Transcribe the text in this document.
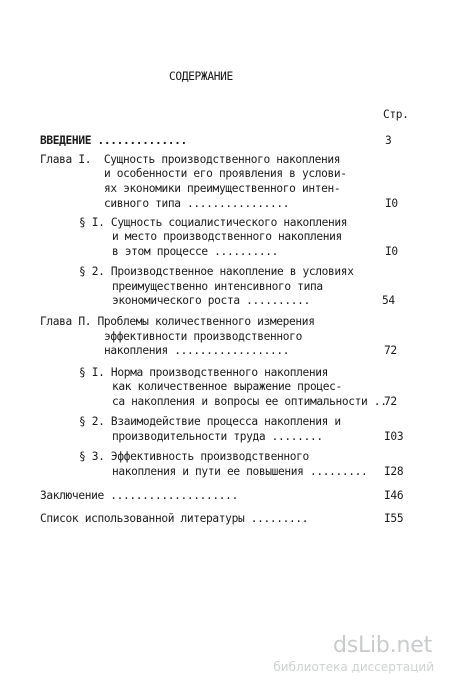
СОДЕРЖАНИЕ
Стр.
ВВЕДЕНИЕ ..............	3
Глава I.  Сущность производственного накопления
и особенности его проявления в услови-
ях экономики преимущественного интен-
сивного типа ................	I0
§ I. Сущность социалистического накопления
и место производственного накопления
в этом процессе ..........	I0
§ 2. Производственное накопление в условиях
преимущественно интенсивного типа
экономического роста ..........	54
Глава П. Проблемы количественного измерения
эффективности производственного
накопления ..................	72
§ I. Норма производственного накопления
как количественное выражение процес-
са накопления и вопросы ее оптимальности ..
72
§ 2. Взаимодействие процесса накопления и
производительности труда ........	I03
§ 3. Эффективность производственного
накопления и пути ее повышения ......... I28
Заключение ....................	I46
Список использованной литературы .........	I55
dsLib.net
библиотека диссертаций
